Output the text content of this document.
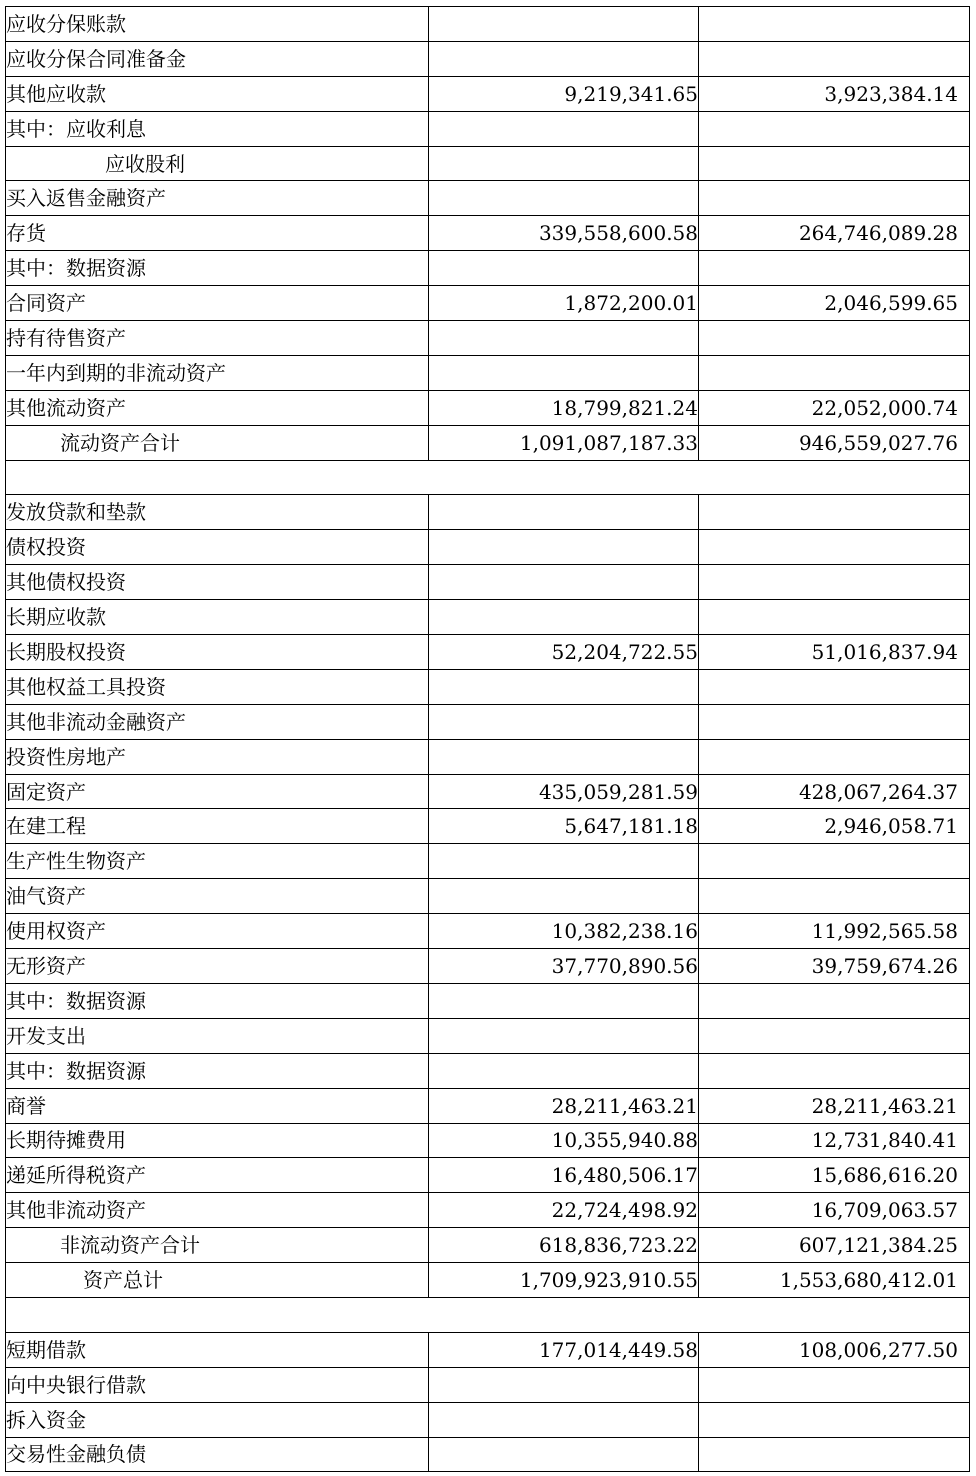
应收分保账款		
应收分保合同准备金		
其他应收款	9,219,341.65	3,923,384.14
其中：应收利息		
应收股利		
买入返售金融资产		
存货	339,558,600.58	264,746,089.28
其中：数据资源		
合同资产	1,872,200.01	2,046,599.65
持有待售资产		
一年内到期的非流动资产		
其他流动资产	18,799,821.24	22,052,000.74
流动资产合计	1,091,087,187.33	946,559,027.76

发放贷款和垫款		
债权投资		
其他债权投资		
长期应收款		
长期股权投资	52,204,722.55	51,016,837.94
其他权益工具投资		
其他非流动金融资产		
投资性房地产		
固定资产	435,059,281.59	428,067,264.37
在建工程	5,647,181.18	2,946,058.71
生产性生物资产		
油气资产		
使用权资产	10,382,238.16	11,992,565.58
无形资产	37,770,890.56	39,759,674.26
其中：数据资源		
开发支出		
其中：数据资源		
商誉	28,211,463.21	28,211,463.21
长期待摊费用	10,355,940.88	12,731,840.41
递延所得税资产	16,480,506.17	15,686,616.20
其他非流动资产	22,724,498.92	16,709,063.57
非流动资产合计	618,836,723.22	607,121,384.25
资产总计	1,709,923,910.55	1,553,680,412.01

短期借款	177,014,449.58	108,006,277.50
向中央银行借款		
拆入资金		
交易性金融负债		
